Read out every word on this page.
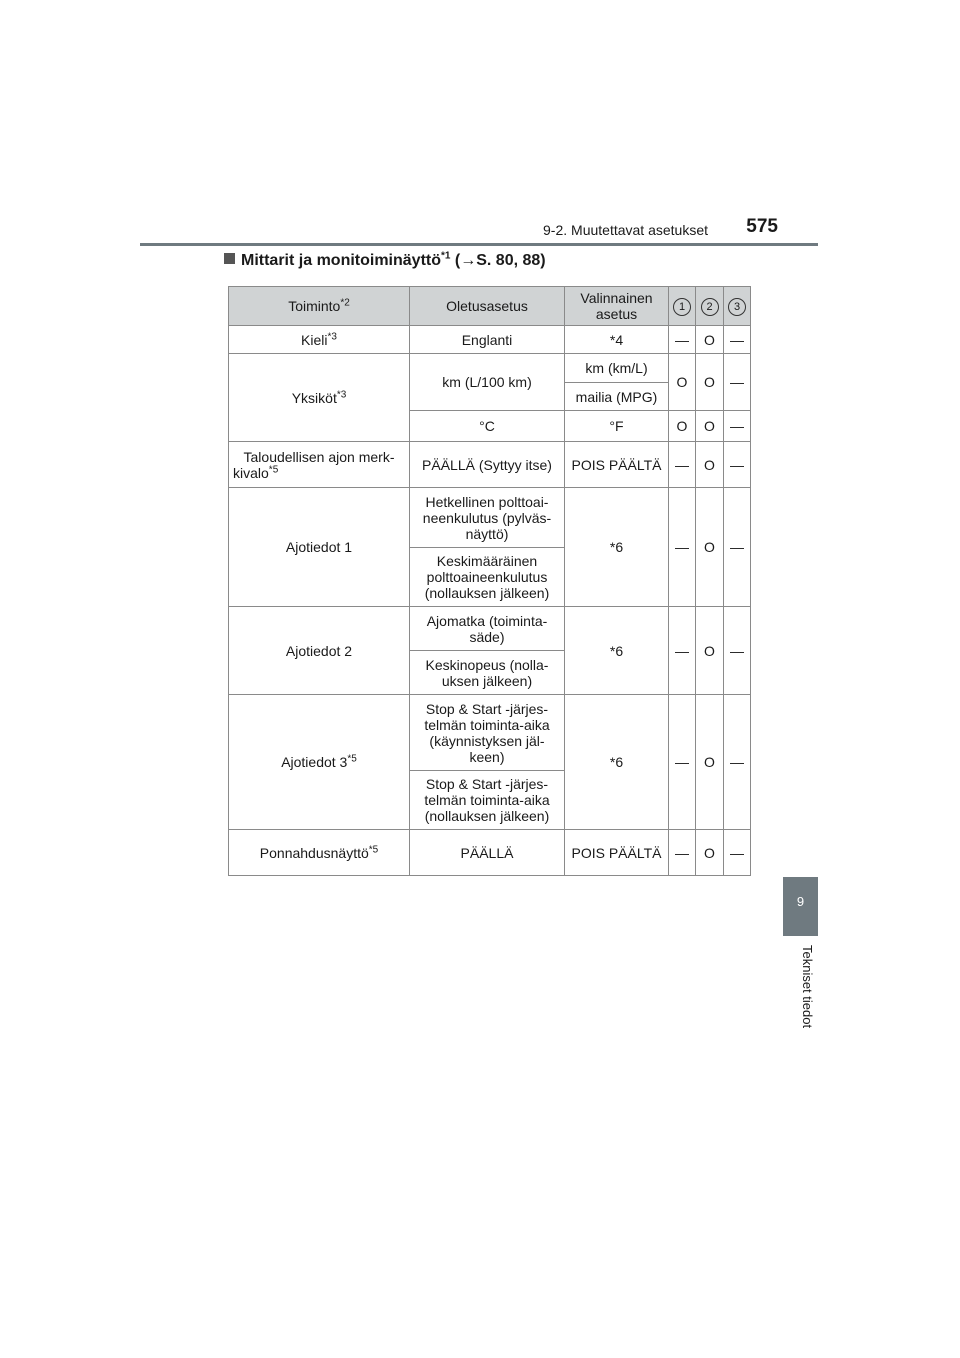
9-2. Muutettavat asetukset	575
9
Tekniset tiedot
Mittarit ja monitoiminäyttö$^{*1}$ (→S. 80, 88)
Toiminto$^{*2}$	Oletusasetus	Valinnainen asetus	1	2	3
Kieli$^{*3}$	Englanti	*4	—	O	—
Yksiköt$^{*3}$	km (L/100 km)	km (km/L)	O	O	—
		mailia (MPG)			
	°C	°F	O	O	—
Taloudellisen ajon merk- kivalo$^{*5}$	PÄÄLLÄ (Syttyy itse)	POIS PÄÄLTÄ	—	O	—
Ajotiedot 1	Hetkellinen polttoai- neenkulutus (pylväs- näyttö)	*6	—	O	—
	Keskimääräinen polttoaineenkulutus (nollauksen jälkeen)				
Ajotiedot 2	Ajomatka (toiminta- säde)	*6	—	O	—
	Keskinopeus (nolla- uksen jälkeen)				
Ajotiedot 3$^{*5}$	Stop & Start -järjes- telmän toiminta-aika (käynnistyksen jäl- keen)	*6	—	O	—
	Stop & Start -järjes- telmän toiminta-aika (nollauksen jälkeen)				
Ponnahdusnäyttö$^{*5}$	PÄÄLLÄ	POIS PÄÄLTÄ	—	O	—
